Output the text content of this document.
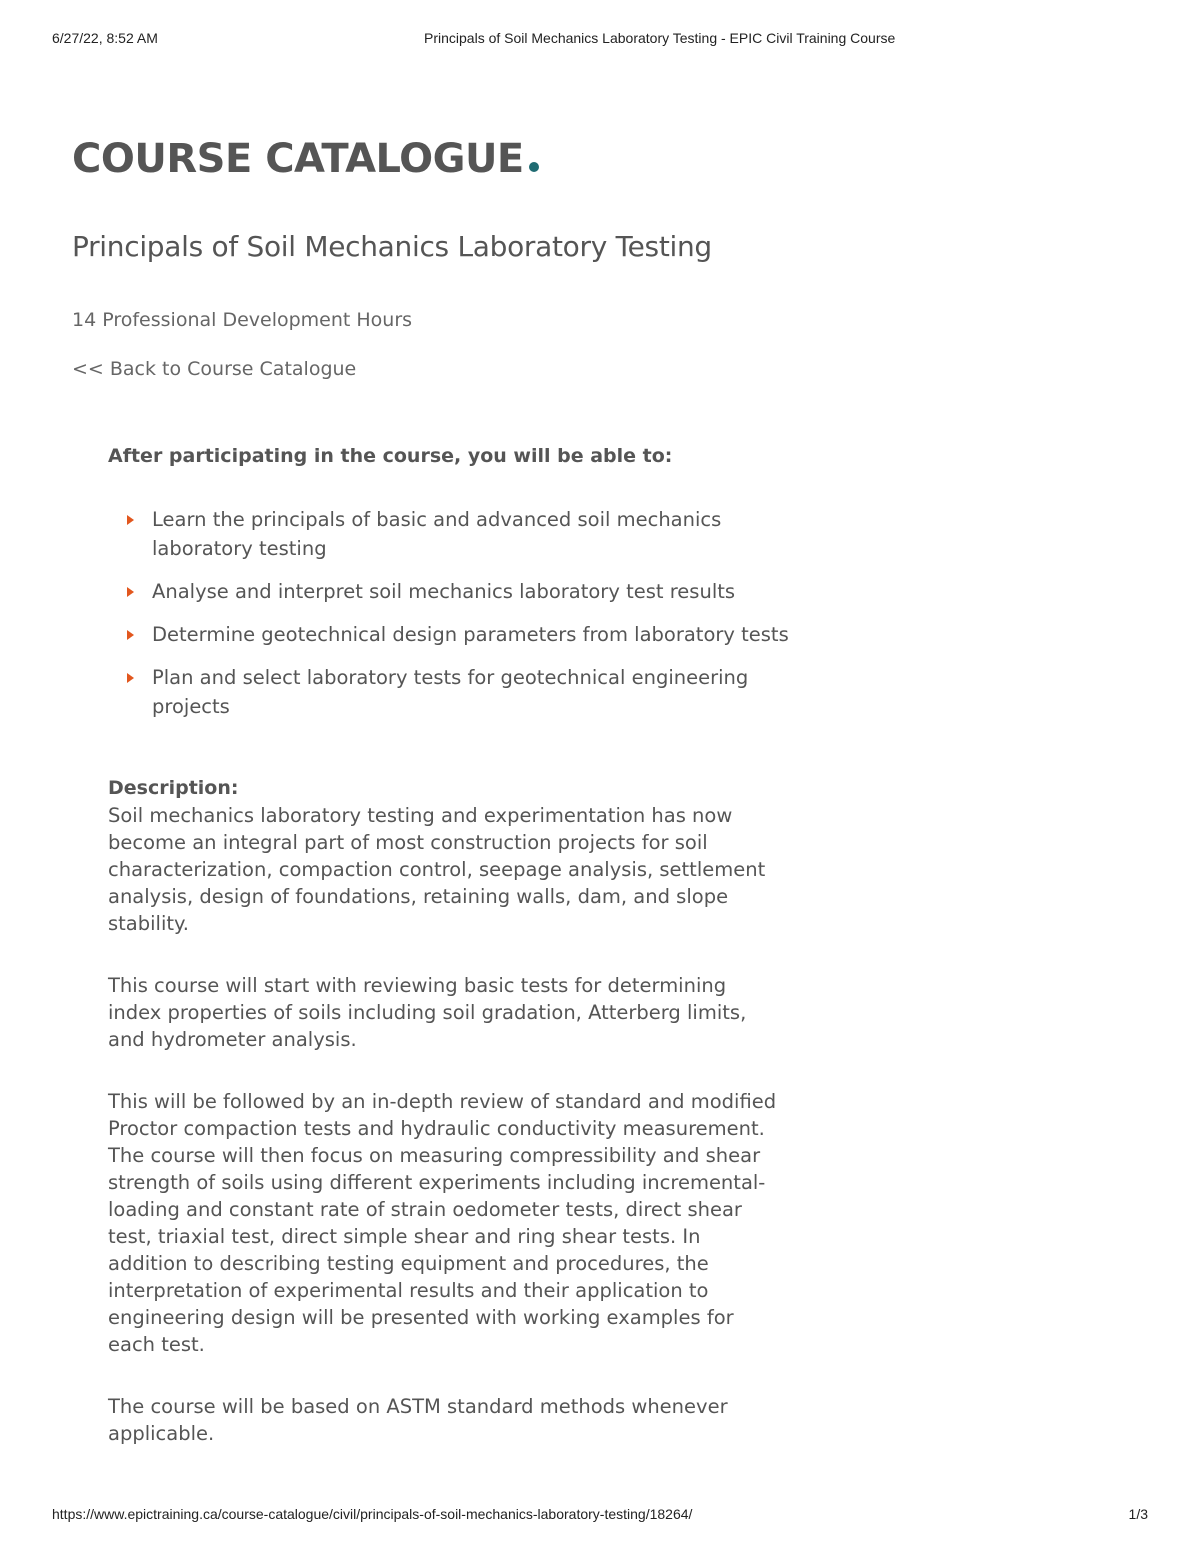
6/27/22, 8:52 AM	Principals of Soil Mechanics Laboratory Testing - EPIC Civil Training Course
COURSE CATALOGUE
Principals of Soil Mechanics Laboratory Testing
14 Professional Development Hours
<< Back to Course Catalogue
After participating in the course, you will be able to:
Learn the principals of basic and advanced soil mechanics laboratory testing
Analyse and interpret soil mechanics laboratory test results
Determine geotechnical design parameters from laboratory tests
Plan and select laboratory tests for geotechnical engineering projects
Description:

Soil mechanics laboratory testing and experimentation has now become an integral part of most construction projects for soil characterization, compaction control, seepage analysis, settlement analysis, design of foundations, retaining walls, dam, and slope stability.

This course will start with reviewing basic tests for determining index properties of soils including soil gradation, Atterberg limits, and hydrometer analysis.

This will be followed by an in-depth review of standard and modified Proctor compaction tests and hydraulic conductivity measurement. The course will then focus on measuring compressibility and shear strength of soils using different experiments including incremental-loading and constant rate of strain oedometer tests, direct shear test, triaxial test, direct simple shear and ring shear tests. In addition to describing testing equipment and procedures, the interpretation of experimental results and their application to engineering design will be presented with working examples for each test.

The course will be based on ASTM standard methods whenever applicable.

https://www.epictraining.ca/course-catalogue/civil/principals-of-soil-mechanics-laboratory-testing/18264/	1/3
